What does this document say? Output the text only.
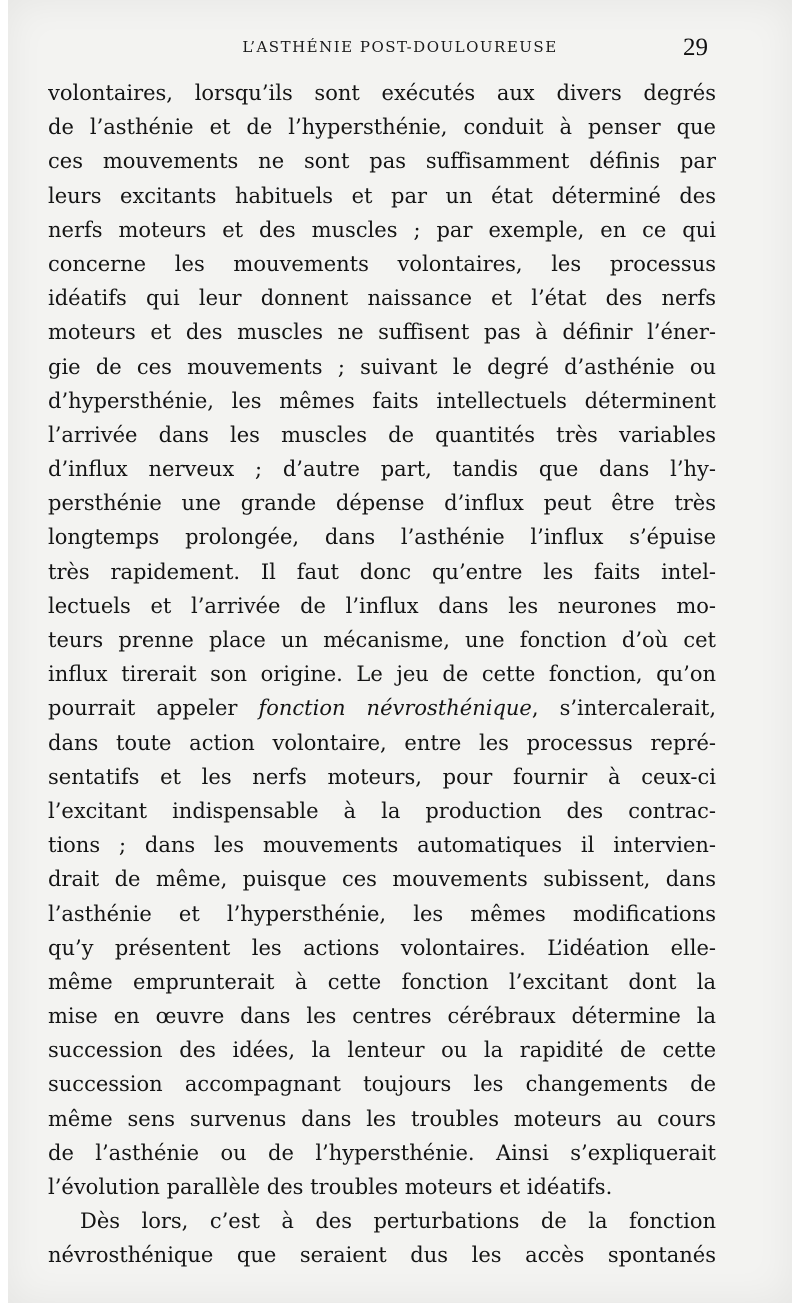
L’ASTHÉNIE POST-DOULOUREUSE	29
volontaires, lorsqu’ils sont exécutés aux divers degrés
de l’asthénie et de l’hypersthénie, conduit à penser que
ces mouvements ne sont pas suffisamment définis par
leurs excitants habituels et par un état déterminé des
nerfs moteurs et des muscles ; par exemple, en ce qui
concerne les mouvements volontaires, les processus
idéatifs qui leur donnent naissance et l’état des nerfs
moteurs et des muscles ne suffisent pas à définir l’éner-
gie de ces mouvements ; suivant le degré d’asthénie ou
d’hypersthénie, les mêmes faits intellectuels déterminent
l’arrivée dans les muscles de quantités très variables
d’influx nerveux ; d’autre part, tandis que dans l’hy-
persthénie une grande dépense d’influx peut être très
longtemps prolongée, dans l’asthénie l’influx s’épuise
très rapidement. Il faut donc qu’entre les faits intel-
lectuels et l’arrivée de l’influx dans les neurones mo-
teurs prenne place un mécanisme, une fonction d’où cet
influx tirerait son origine. Le jeu de cette fonction, qu’on
pourrait appeler fonction névrosthénique, s’intercalerait,
dans toute action volontaire, entre les processus repré-
sentatifs et les nerfs moteurs, pour fournir à ceux-ci
l’excitant indispensable à la production des contrac-
tions ; dans les mouvements automatiques il intervien-
drait de même, puisque ces mouvements subissent, dans
l’asthénie et l’hypersthénie, les mêmes modifications
qu’y présentent les actions volontaires. L’idéation elle-
même emprunterait à cette fonction l’excitant dont la
mise en œuvre dans les centres cérébraux détermine la
succession des idées, la lenteur ou la rapidité de cette
succession accompagnant toujours les changements de
même sens survenus dans les troubles moteurs au cours
de l’asthénie ou de l’hypersthénie. Ainsi s’expliquerait
l’évolution parallèle des troubles moteurs et idéatifs.
Dès lors, c’est à des perturbations de la fonction
névrosthénique que seraient dus les accès spontanés
